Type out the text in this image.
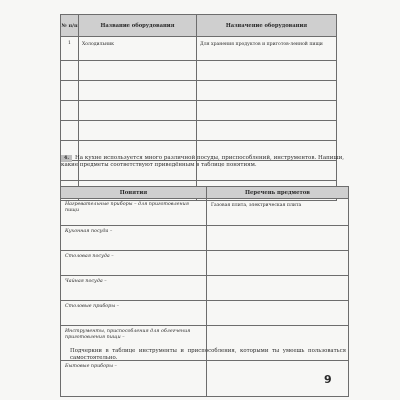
№ п/п	Название оборудования	Назначение оборудования
1	Холодильник	Для хранения продуктов и приготов-ленной пищи

4. На кухне используется много различной посуды, приспособлений, инструментов. Напиши, какие предметы соответствуют приведённым в таблице понятиям.
Понятия	Перечень предметов
Нагревательные приборы – для приготовления пищи	Газовая плита, электрическая плита
Кухонная посуда –	
Столовая посуда –	
Чайная посуда –	
Столовые приборы –	
Инструменты, приспособления для облегчения приготовления пищи –	
Бытовые приборы –	
Подчеркни в таблице инструменты и приспособления, которыми ты умеешь пользоваться самостоятельно.
9
